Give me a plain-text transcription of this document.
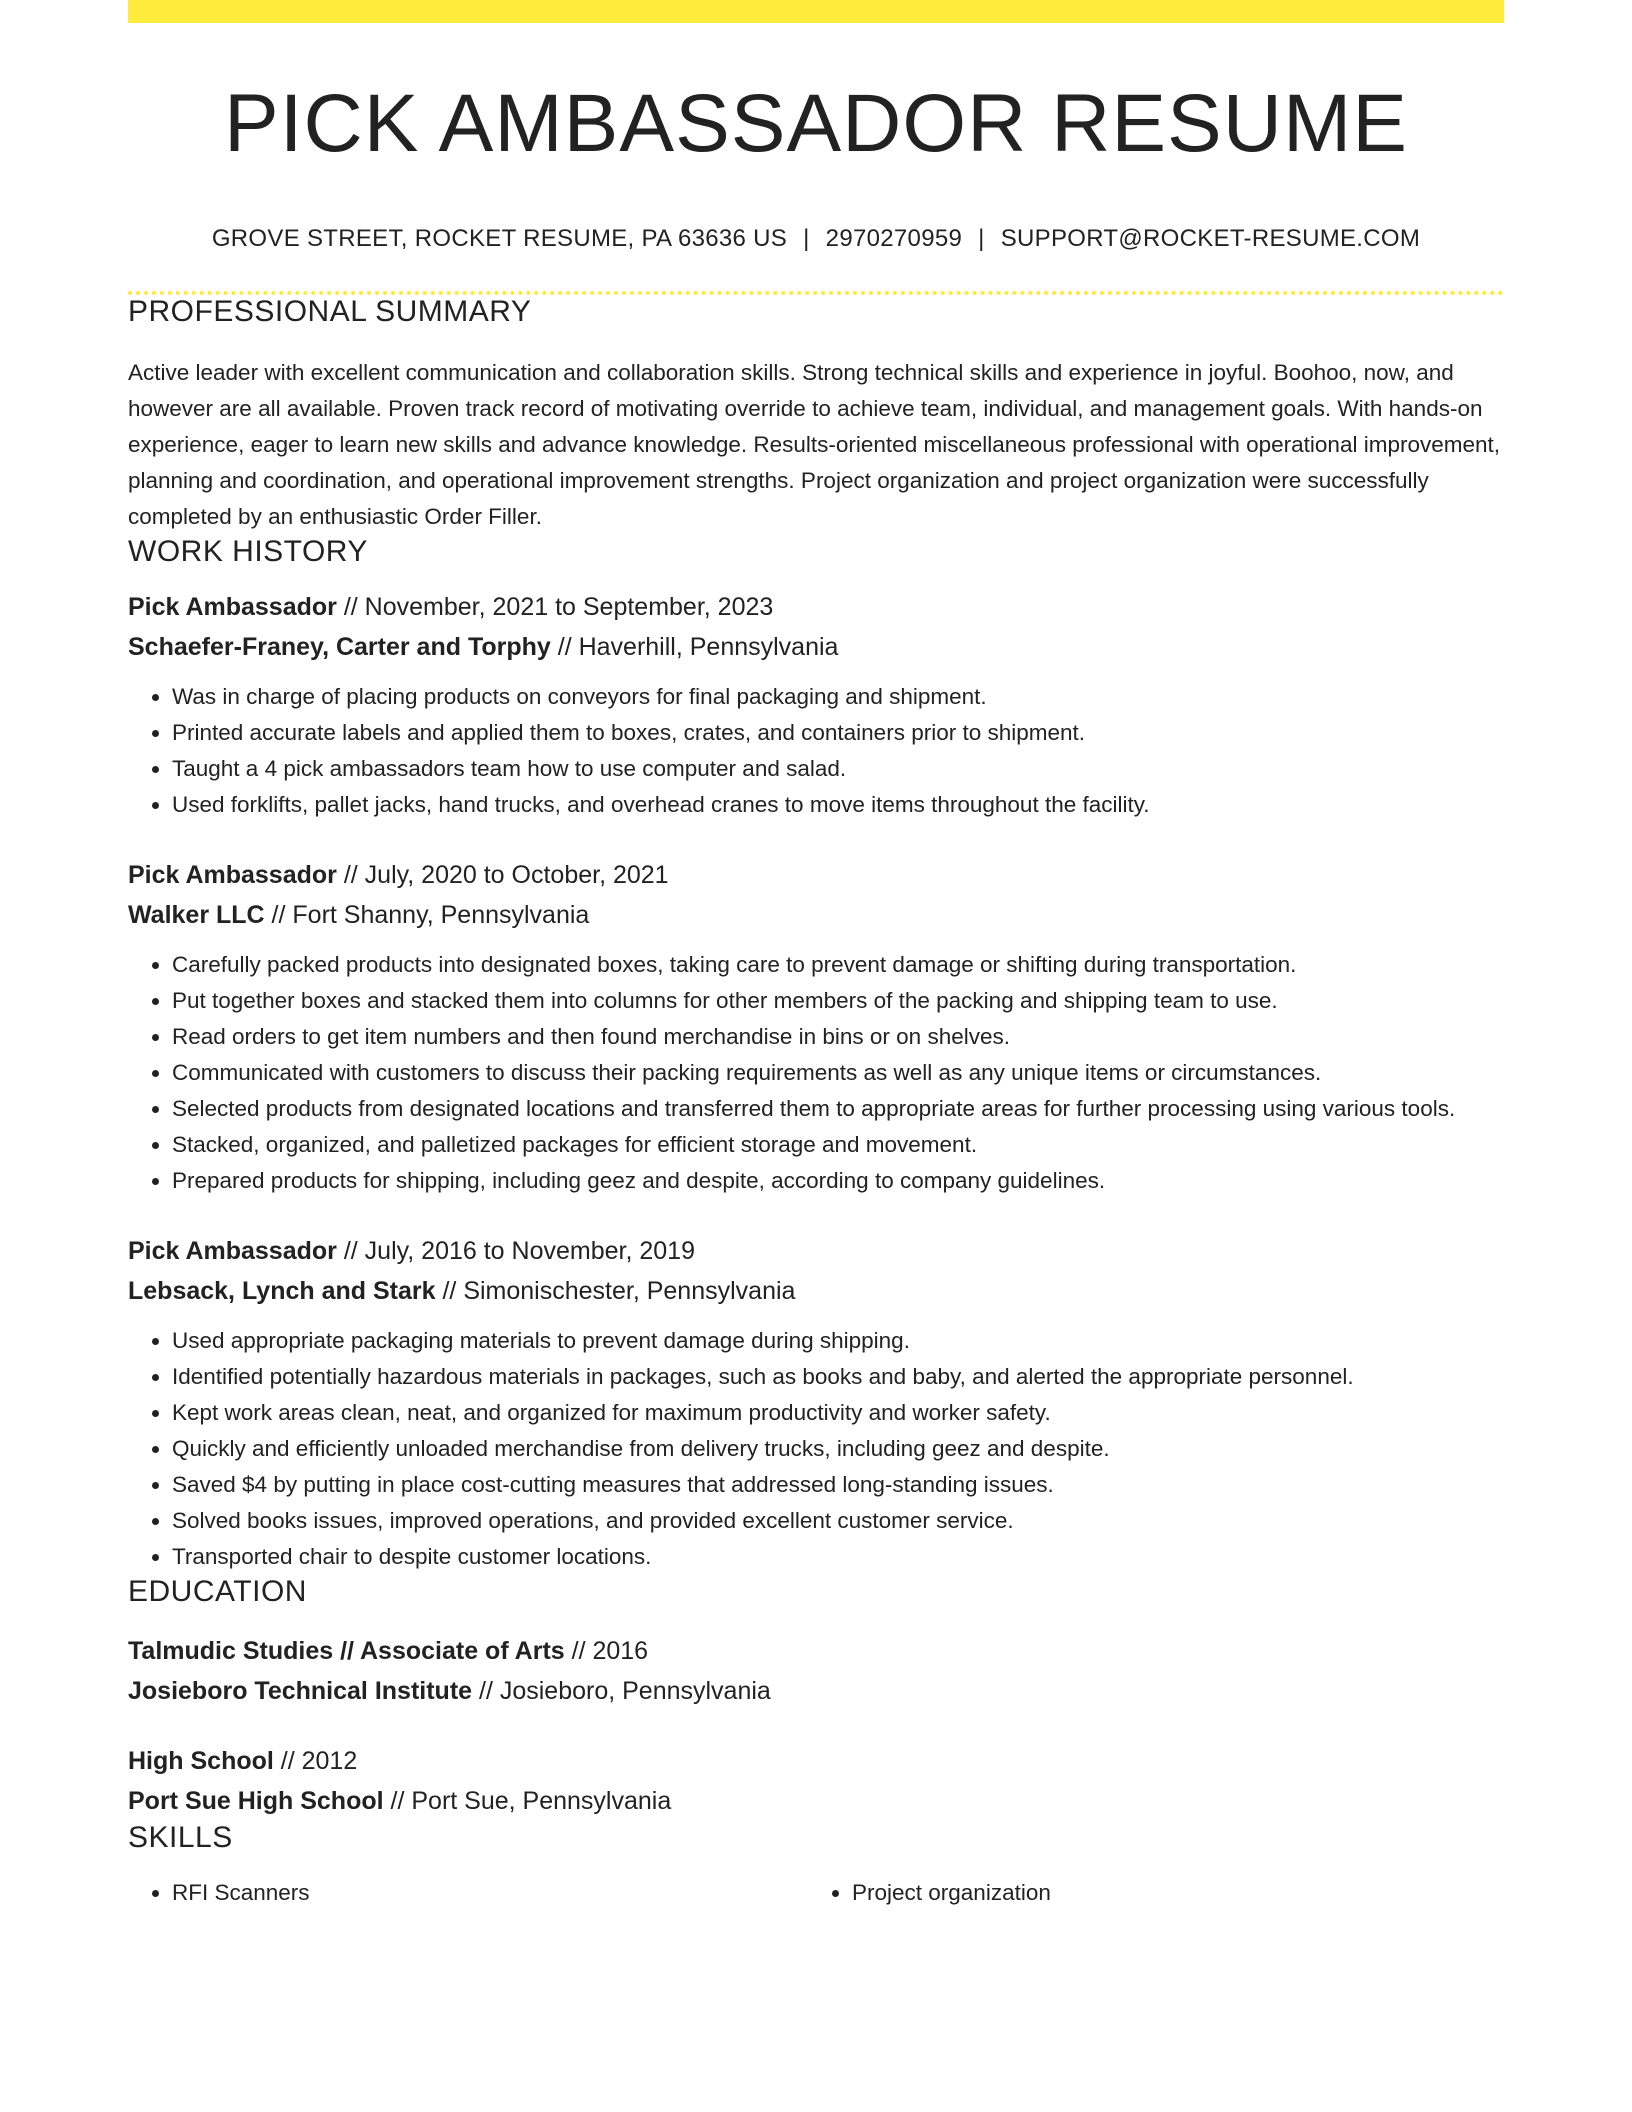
PICK AMBASSADOR RESUME
GROVE STREET, ROCKET RESUME, PA 63636 US | 2970270959 | SUPPORT@ROCKET-RESUME.COM
PROFESSIONAL SUMMARY
Active leader with excellent communication and collaboration skills. Strong technical skills and experience in joyful. Boohoo, now, and however are all available. Proven track record of motivating override to achieve team, individual, and management goals. With hands-on experience, eager to learn new skills and advance knowledge. Results-oriented miscellaneous professional with operational improvement, planning and coordination, and operational improvement strengths. Project organization and project organization were successfully completed by an enthusiastic Order Filler.
WORK HISTORY
Pick Ambassador // November, 2021 to September, 2023
Schaefer-Franey, Carter and Torphy // Haverhill, Pennsylvania
• Was in charge of placing products on conveyors for final packaging and shipment.
• Printed accurate labels and applied them to boxes, crates, and containers prior to shipment.
• Taught a 4 pick ambassadors team how to use computer and salad.
• Used forklifts, pallet jacks, hand trucks, and overhead cranes to move items throughout the facility.
Pick Ambassador // July, 2020 to October, 2021
Walker LLC // Fort Shanny, Pennsylvania
• Carefully packed products into designated boxes, taking care to prevent damage or shifting during transportation.
• Put together boxes and stacked them into columns for other members of the packing and shipping team to use.
• Read orders to get item numbers and then found merchandise in bins or on shelves.
• Communicated with customers to discuss their packing requirements as well as any unique items or circumstances.
• Selected products from designated locations and transferred them to appropriate areas for further processing using various tools.
• Stacked, organized, and palletized packages for efficient storage and movement.
• Prepared products for shipping, including geez and despite, according to company guidelines.
Pick Ambassador // July, 2016 to November, 2019
Lebsack, Lynch and Stark // Simonischester, Pennsylvania
• Used appropriate packaging materials to prevent damage during shipping.
• Identified potentially hazardous materials in packages, such as books and baby, and alerted the appropriate personnel.
• Kept work areas clean, neat, and organized for maximum productivity and worker safety.
• Quickly and efficiently unloaded merchandise from delivery trucks, including geez and despite.
• Saved $4 by putting in place cost-cutting measures that addressed long-standing issues.
• Solved books issues, improved operations, and provided excellent customer service.
• Transported chair to despite customer locations.
EDUCATION
Talmudic Studies // Associate of Arts // 2016
Josieboro Technical Institute // Josieboro, Pennsylvania
High School // 2012
Port Sue High School // Port Sue, Pennsylvania
SKILLS
• RFI Scanners
•	Project organization
